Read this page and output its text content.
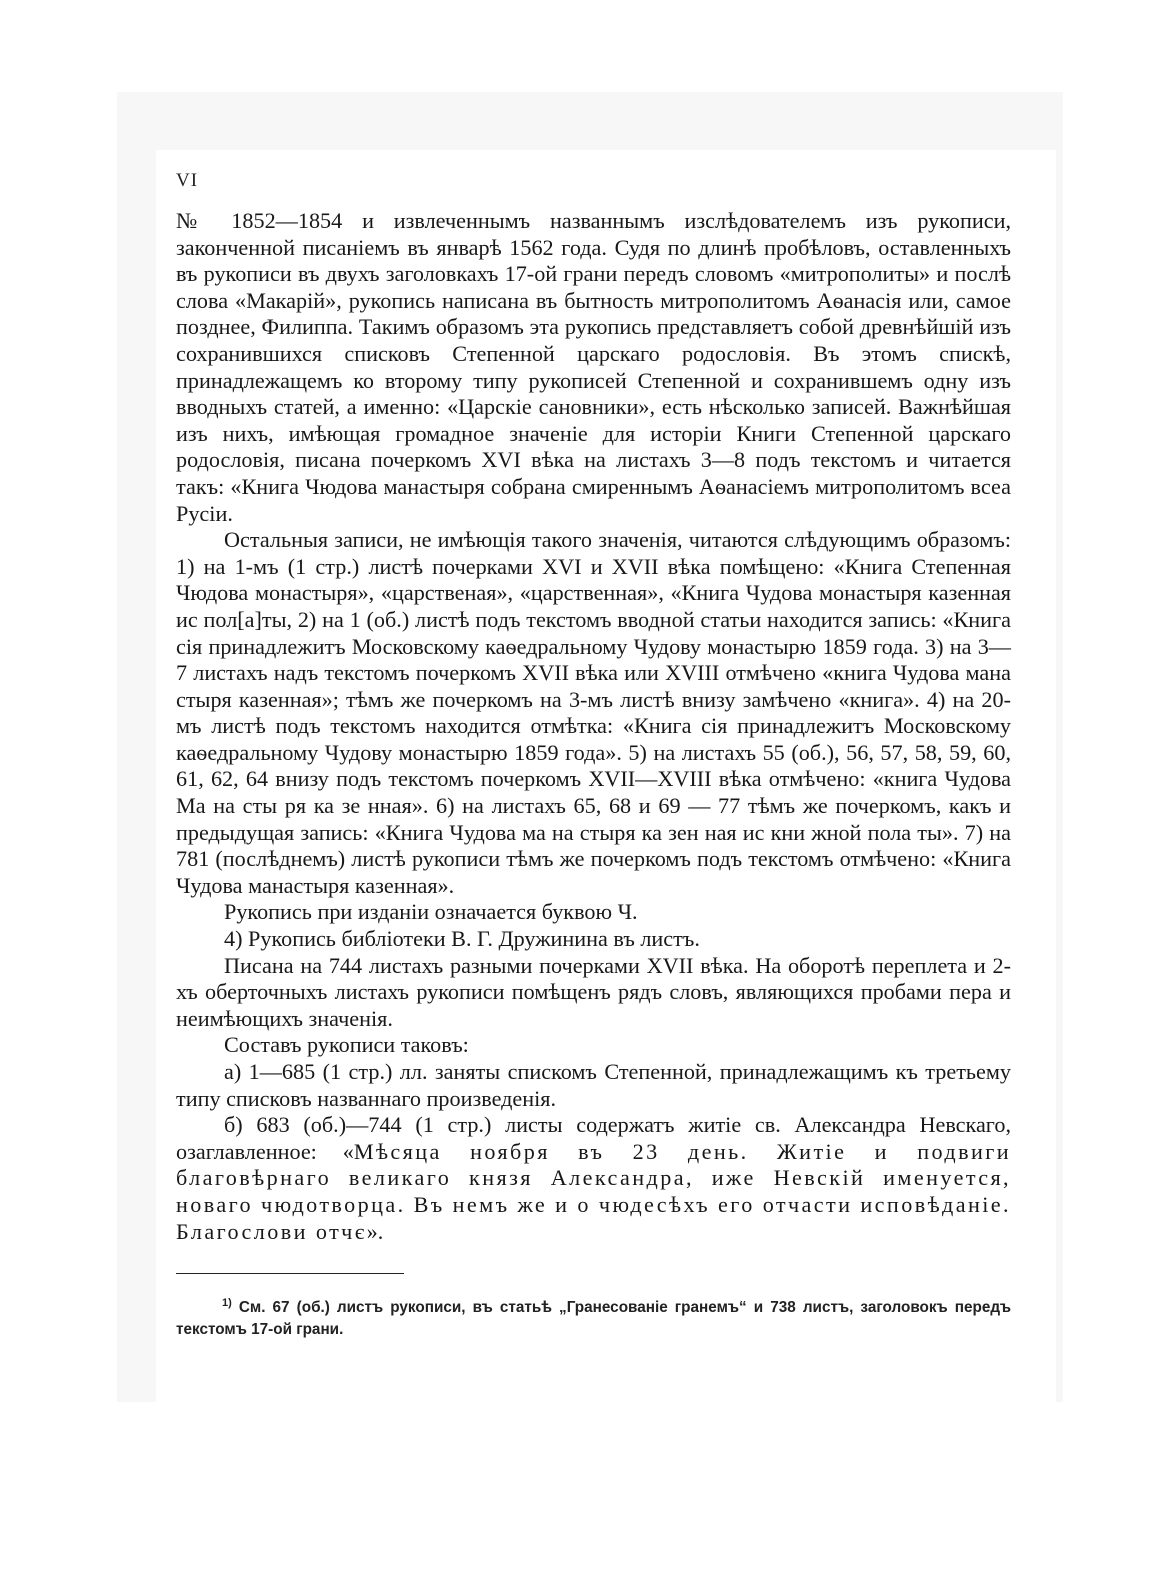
VI

№ 1852—1854 и извлеченнымъ названнымъ изслѣдователемъ изъ рукописи, законченной писаніемъ въ январѣ 1562 года. Судя по длинѣ пробѣловъ, оставленныхъ въ рукописи въ двухъ заголовкахъ 17-ой грани передъ словомъ «митрополиты» и послѣ слова «Макарій», рукопись написана въ бытность митрополитомъ Аѳанасія или, самое позднее, Филиппа. Такимъ образомъ эта рукопись представляетъ собой древнѣйшій изъ сохранившихся списковъ Степенной царскаго родословія. Въ этомъ спискѣ, принадлежащемъ ко второму типу рукописей Степенной и сохранившемъ одну изъ вводныхъ статей, а именно: «Царскіе сановники», есть нѣсколько записей. Важнѣйшая изъ нихъ, имѣющая громадное значеніе для исторіи Книги Степенной царскаго родословія, писана почеркомъ XVI вѣка на листахъ 3—8 подъ текстомъ и читается такъ: «Книга Чюдова манастыря собрана смиреннымъ Аѳанасіемъ митрополитомъ всеа Русіи.

Остальныя записи, не имѣющія такого значенія, читаются слѣдующимъ образомъ: 1) на 1-мъ (1 стр.) листѣ почерками XVI и XVII вѣка помѣщено: «Книга Степенная Чюдова монастыря», «царственая», «царственная», «Книга Чудова монастыря казенная ис пол[а]ты, 2) на 1 (об.) листѣ подъ текстомъ вводной статьи находится запись: «Книга сія принадлежитъ Московскому каѳедральному Чудову монастырю 1859 года. 3) на 3—7 листахъ надъ текстомъ почеркомъ XVII вѣка или XVIII отмѣчено «книга Чудова мана стыря казенная»; тѣмъ же почеркомъ на 3-мъ листѣ внизу замѣчено «книга». 4) на 20-мъ листѣ подъ текстомъ находится отмѣтка: «Книга сія принадлежитъ Московскому каѳедральному Чудову монастырю 1859 года». 5) на листахъ 55 (об.), 56, 57, 58, 59, 60, 61, 62, 64 внизу подъ текстомъ почеркомъ XVII—XVIII вѣка отмѣчено: «книга Чудова Ма на сты ря ка зе нная». 6) на листахъ 65, 68 и 69 — 77 тѣмъ же почеркомъ, какъ и предыдущая запись: «Книга Чудова ма на стыря ка зен ная ис кни жной пола ты». 7) на 781 (послѣднемъ) листѣ рукописи тѣмъ же почеркомъ подъ текстомъ отмѣчено: «Книга Чудова манастыря казенная».

Рукопись при изданіи означается буквою Ч.

4) Рукопись библіотеки В. Г. Дружинина въ листъ.

Писана на 744 листахъ разными почерками XVII вѣка. На оборотѣ переплета и 2-хъ оберточныхъ листахъ рукописи помѣщенъ рядъ словъ, являющихся пробами пера и неимѣющихъ значенія.

Составъ рукописи таковъ:

а) 1—685 (1 стр.) лл. заняты спискомъ Степенной, принадлежащимъ къ третьему типу списковъ названнаго произведенія.

б) 683 (об.)—744 (1 стр.) листы содержатъ житіе св. Александра Невскаго, озаглавленное: «Мѣсяца ноября въ 23 день. Житіе и подвиги благовѣрнаго великаго князя Александра, иже Невскій именуется, новаго чюдотворца. Въ немъ же и о чюдесѣхъ его отчасти исповѣданіе. Благослови отчє».

$^{1)}$ См. 67 (об.) листъ рукописи, въ статьѣ „Гранесованіе гранемъ“ и 738 листъ, заголовокъ передъ текстомъ 17-ой грани.
